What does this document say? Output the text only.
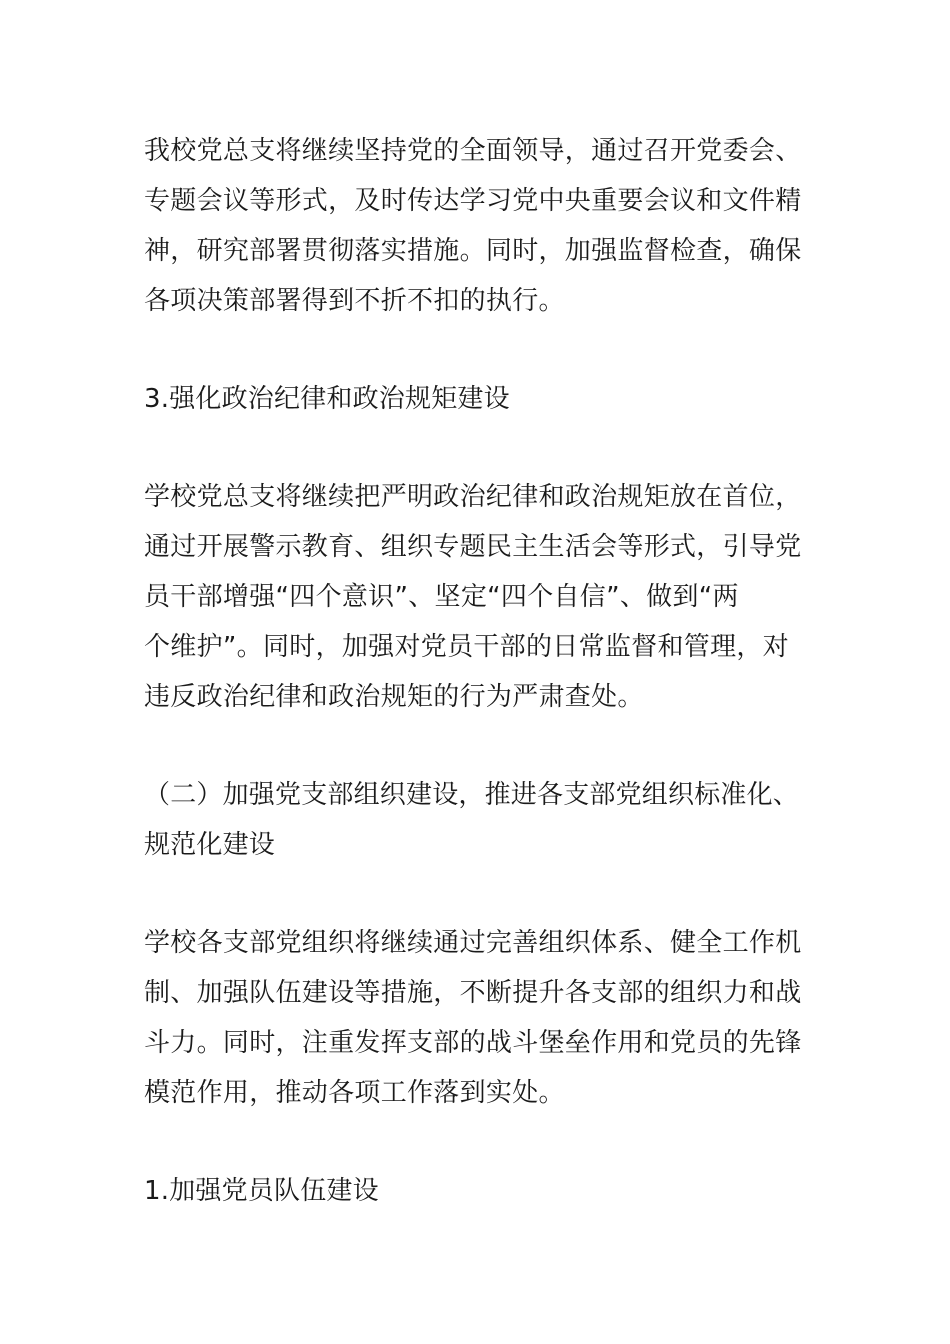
我校党总支将继续坚持党的全面领导，通过召开党委会、
专题会议等形式，及时传达学习党中央重要会议和文件精
神，研究部署贯彻落实措施。同时，加强监督检查，确保
各项决策部署得到不折不扣的执行。
3.强化政治纪律和政治规矩建设
学校党总支将继续把严明政治纪律和政治规矩放在首位，
通过开展警示教育、组织专题民主生活会等形式，引导党
员干部增强“四个意识”、坚定“四个自信”、做到“两
个维护”。同时，加强对党员干部的日常监督和管理，对
违反政治纪律和政治规矩的行为严肃查处。
（二）加强党支部组织建设，推进各支部党组织标准化、
规范化建设
学校各支部党组织将继续通过完善组织体系、健全工作机
制、加强队伍建设等措施，不断提升各支部的组织力和战
斗力。同时，注重发挥支部的战斗堡垒作用和党员的先锋
模范作用，推动各项工作落到实处。
1.加强党员队伍建设
